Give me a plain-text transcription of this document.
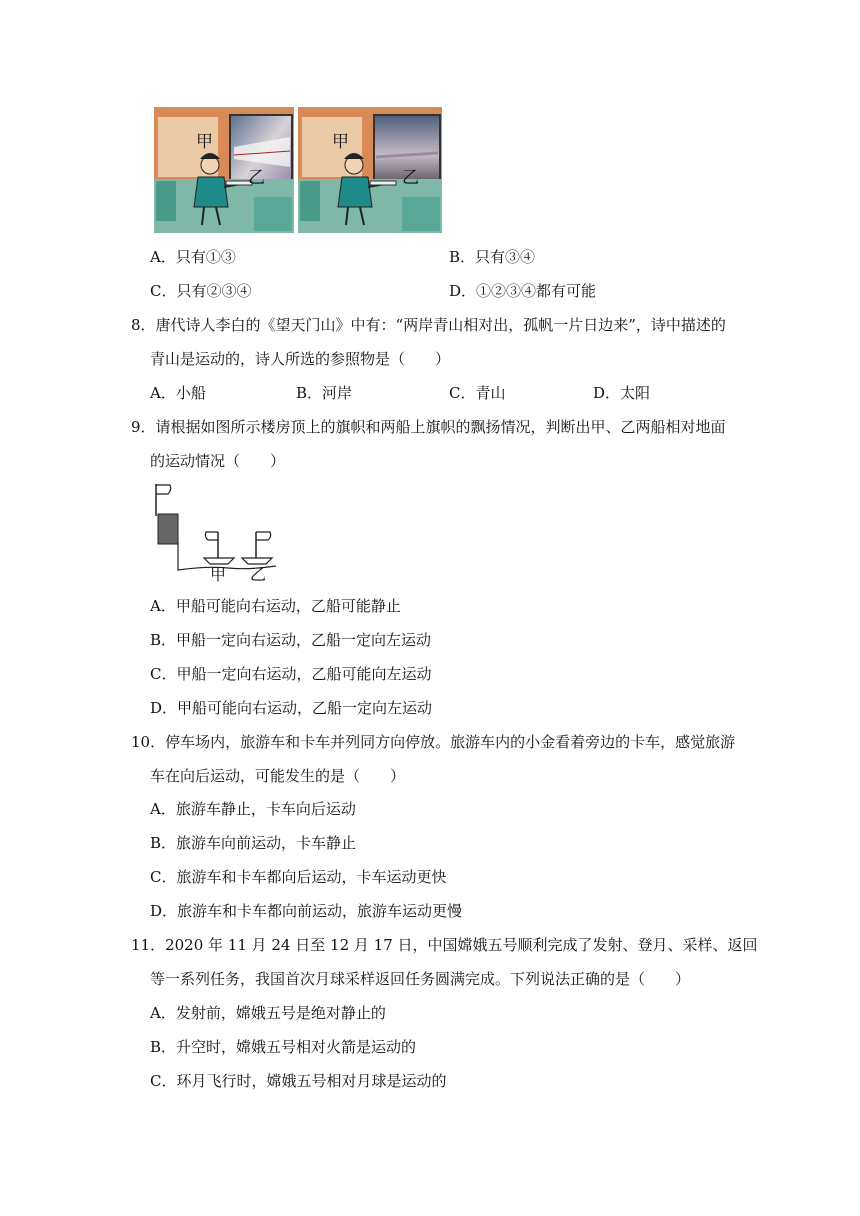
甲
乙
甲
乙
A．只有①③	B．只有③④
C．只有②③④	D．①②③④都有可能
8．唐代诗人李白的《望天门山》中有：“两岸青山相对出，孤帆一片日边来”，诗中描述的
青山是运动的，诗人所选的参照物是（　　）
A．小船	B．河岸	C．青山	D．太阳
9．请根据如图所示楼房顶上的旗帜和两船上旗帜的飘扬情况，判断出甲、乙两船相对地面
的运动情况（　　）
甲 乙
A．甲船可能向右运动，乙船可能静止
B．甲船一定向右运动，乙船一定向左运动
C．甲船一定向右运动，乙船可能向左运动
D．甲船可能向右运动，乙船一定向左运动
10．停车场内，旅游车和卡车并列同方向停放。旅游车内的小金看着旁边的卡车，感觉旅游
车在向后运动，可能发生的是（　　）
A．旅游车静止，卡车向后运动
B．旅游车向前运动，卡车静止
C．旅游车和卡车都向后运动，卡车运动更快
D．旅游车和卡车都向前运动，旅游车运动更慢
11．2020 年 11 月 24 日至 12 月 17 日，中国嫦娥五号顺利完成了发射、登月、采样、返回
等一系列任务，我国首次月球采样返回任务圆满完成。下列说法正确的是（　　）
A．发射前，嫦娥五号是绝对静止的
B．升空时，嫦娥五号相对火箭是运动的
C．环月飞行时，嫦娥五号相对月球是运动的
